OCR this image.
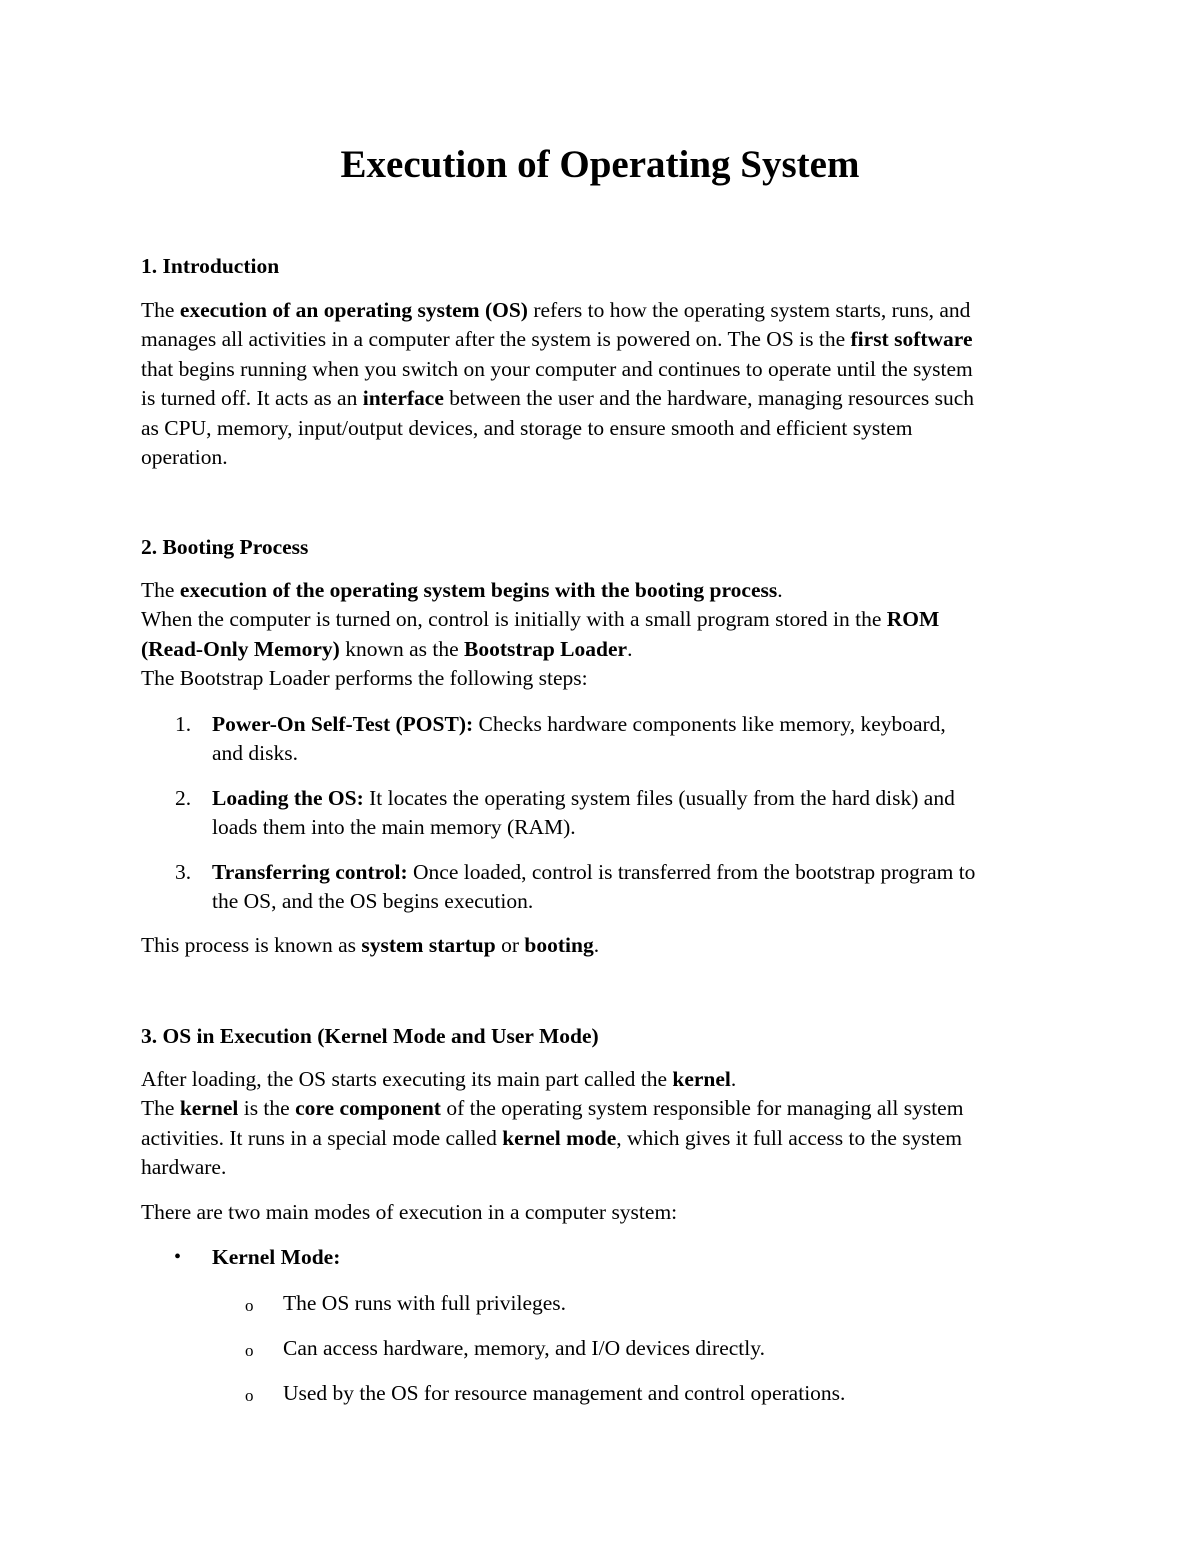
Execution of Operating System
1. Introduction
The execution of an operating system (OS) refers to how the operating system starts, runs, and
manages all activities in a computer after the system is powered on. The OS is the first software
that begins running when you switch on your computer and continues to operate until the system
is turned off. It acts as an interface between the user and the hardware, managing resources such
as CPU, memory, input/output devices, and storage to ensure smooth and efficient system
operation.
2. Booting Process
The execution of the operating system begins with the booting process.
When the computer is turned on, control is initially with a small program stored in the ROM
(Read-Only Memory) known as the Bootstrap Loader.
The Bootstrap Loader performs the following steps:
1. Power-On Self-Test (POST): Checks hardware components like memory, keyboard,
and disks.
2. Loading the OS: It locates the operating system files (usually from the hard disk) and
loads them into the main memory (RAM).
3. Transferring control: Once loaded, control is transferred from the bootstrap program to
the OS, and the OS begins execution.
This process is known as system startup or booting.
3. OS in Execution (Kernel Mode and User Mode)
After loading, the OS starts executing its main part called the kernel.
The kernel is the core component of the operating system responsible for managing all system
activities. It runs in a special mode called kernel mode, which gives it full access to the system
hardware.
There are two main modes of execution in a computer system:
• Kernel Mode:
o The OS runs with full privileges.
o Can access hardware, memory, and I/O devices directly.
o Used by the OS for resource management and control operations.
